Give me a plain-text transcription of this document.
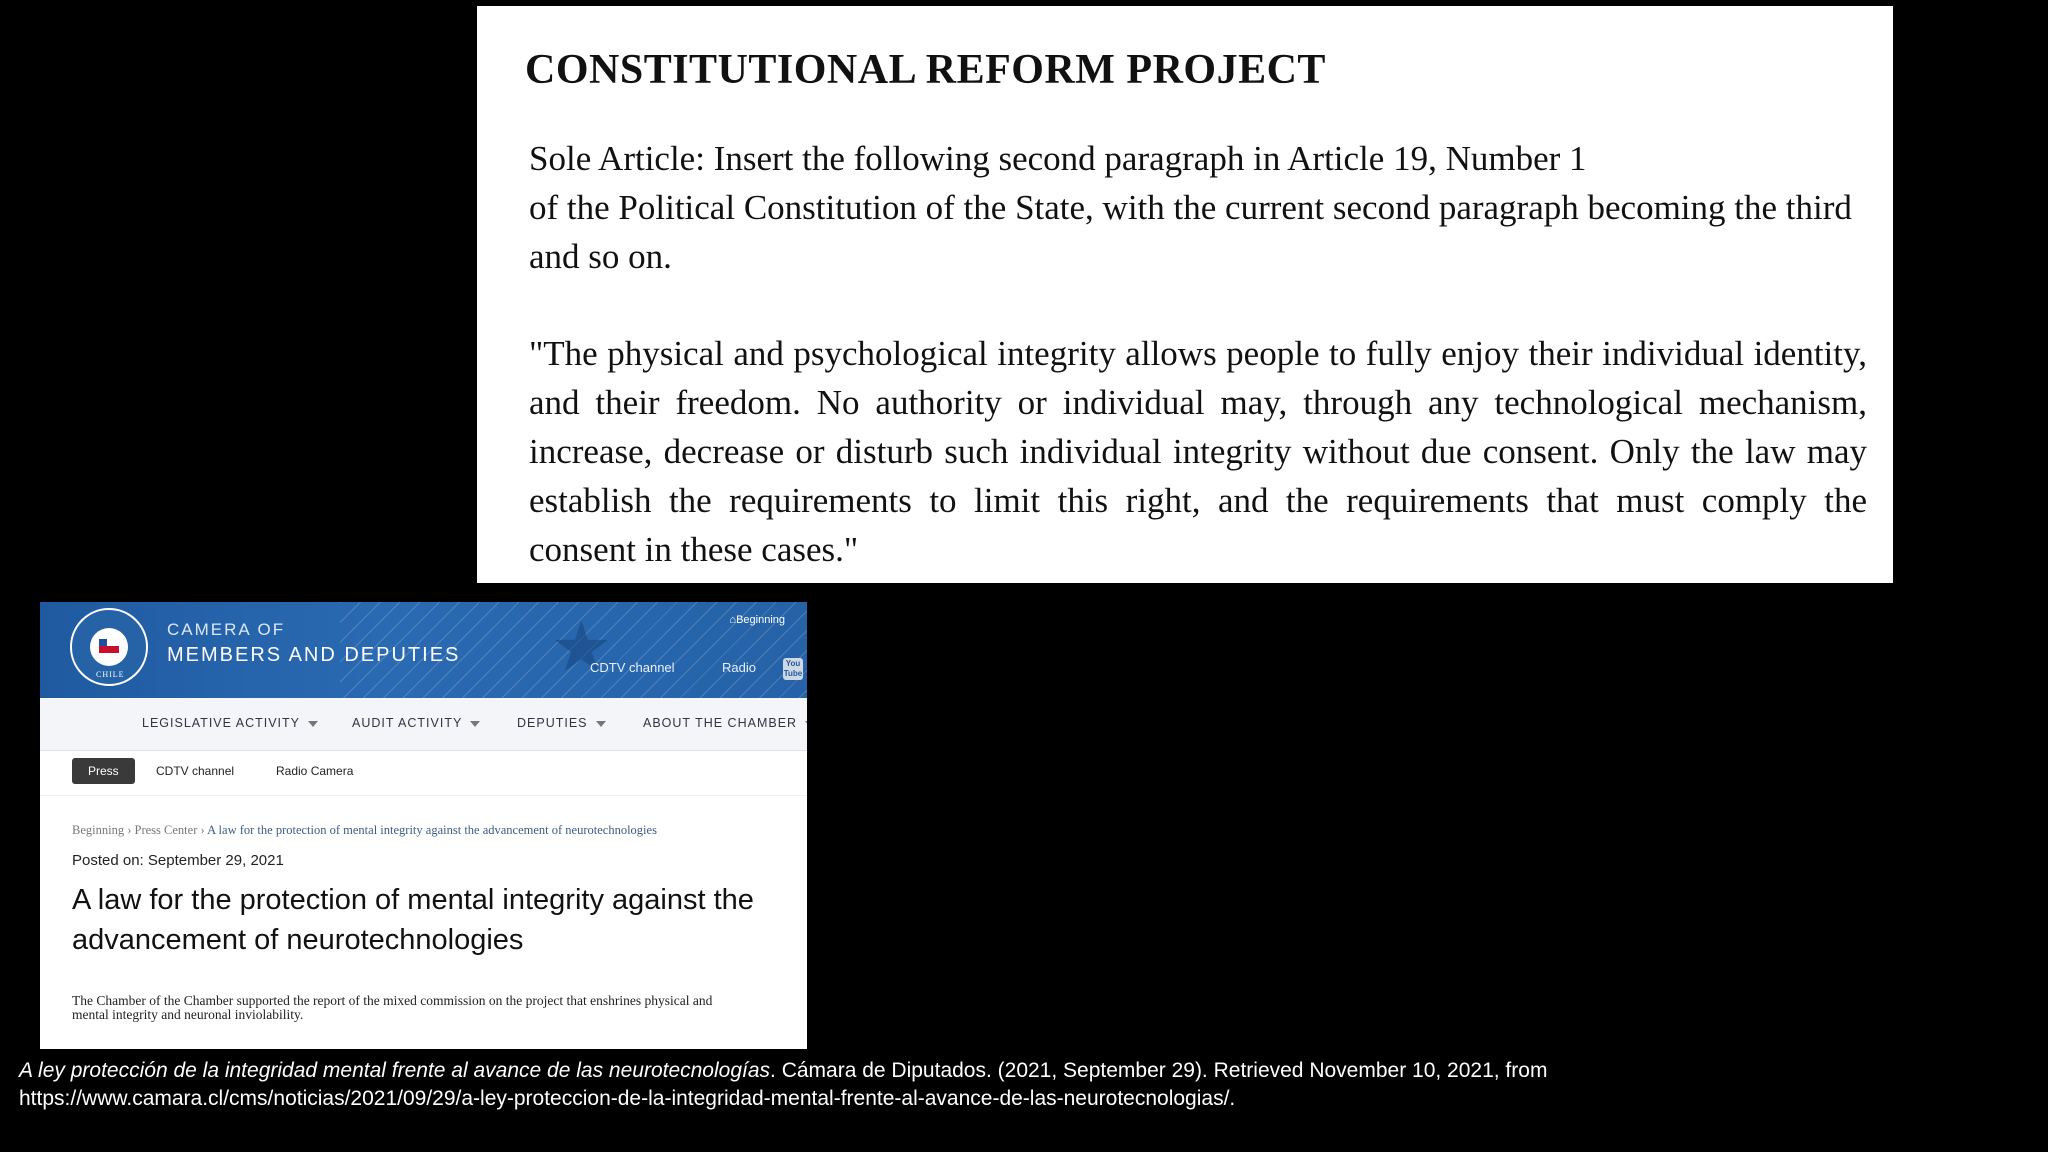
CONSTITUTIONAL REFORM PROJECT

Sole Article: Insert the following second paragraph in Article 19, Number 1
of the Political Constitution of the State, with the current second paragraph becoming the third and so on.

"The physical and psychological integrity allows people to fully enjoy their individual identity, and their freedom. No authority or individual may, through any technological mechanism, increase, decrease or disturb such individual integrity without due consent. Only the law may establish the requirements to limit this right, and the requirements that must comply the consent in these cases."

★
CHILE
CAMERA OF
MEMBERS AND DEPUTIES
⌂Beginning
CDTV channel	Radio	You Tube
LEGISLATIVE ACTIVITY	AUDIT ACTIVITY	DEPUTIES	ABOUT THE CHAMBER
Press	CDTV channel	Radio Camera
Beginning › Press Center › A law for the protection of mental integrity against the advancement of neurotechnologies
Posted on: September 29, 2021
A law for the protection of mental integrity against the advancement of neurotechnologies
The Chamber of the Chamber supported the report of the mixed commission on the project that enshrines physical and mental integrity and neuronal inviolability.
A ley protección de la integridad mental frente al avance de las neurotecnologías. Cámara de Diputados. (2021, September 29). Retrieved November 10, 2021, from
https://www.camara.cl/cms/noticias/2021/09/29/a-ley-proteccion-de-la-integridad-mental-frente-al-avance-de-las-neurotecnologias/.
